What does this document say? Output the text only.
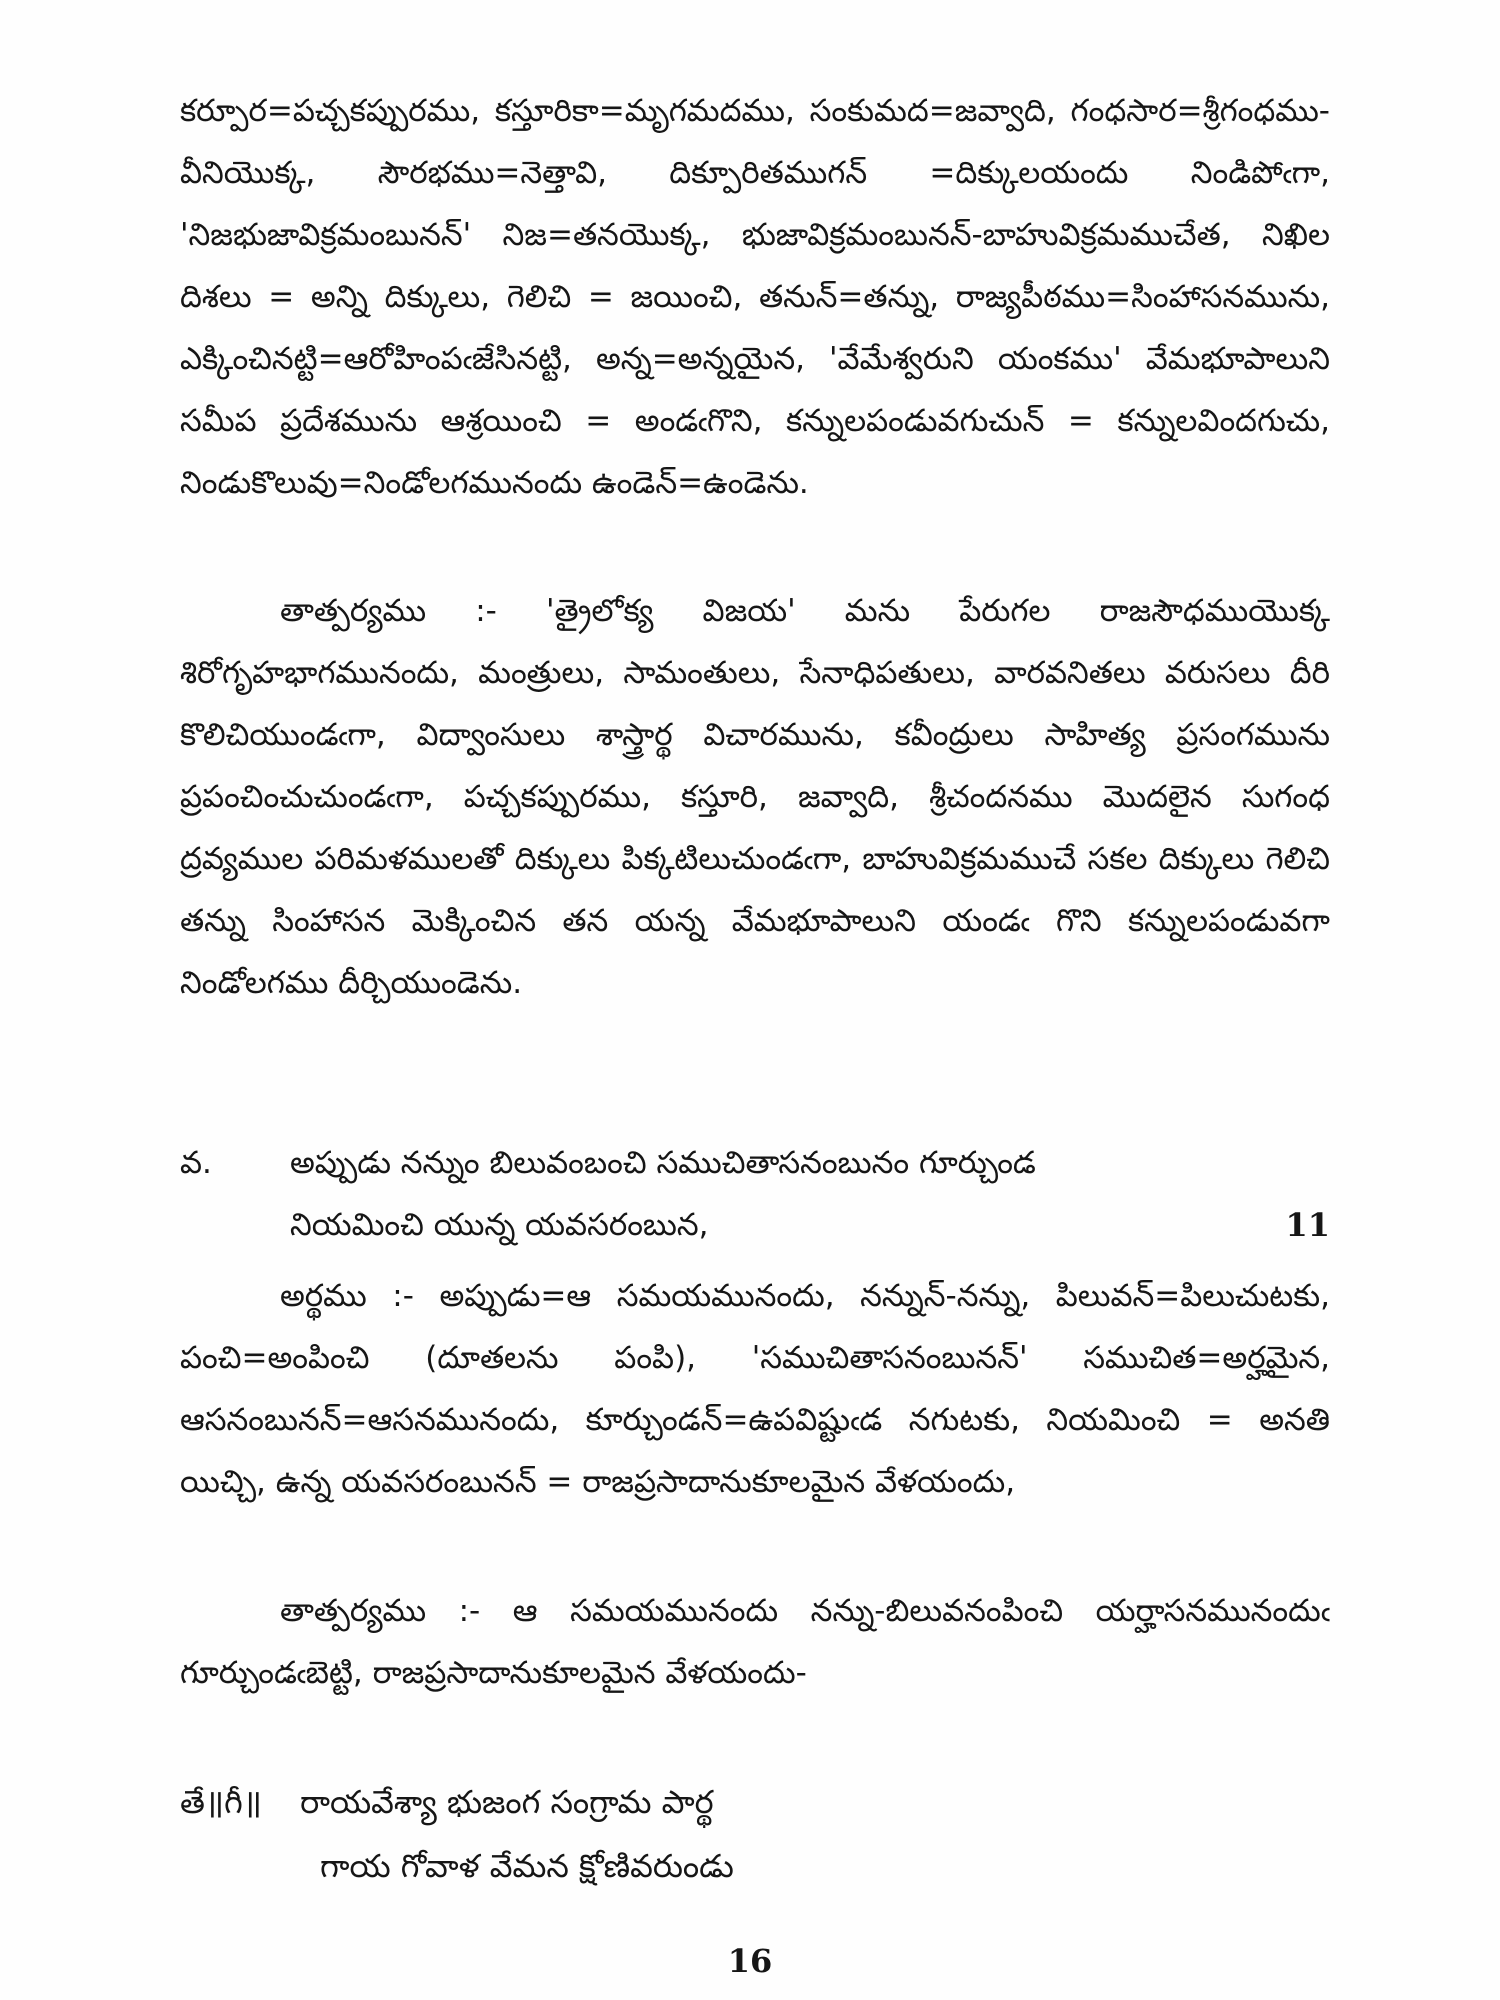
కర్పూర=పచ్చకప్పురము, కస్తూరికా=మృగమదము, సంకుమద=జవ్వాది, గంధసార=శ్రీగంధము-వీనియొక్క, సౌరభము=నెత్తావి, దిక్పూరితముగన్ =దిక్కులయందు నిండిపోఁగా, 'నిజభుజావిక్రమంబునన్' నిజ=తనయొక్క, భుజావిక్రమంబునన్-బాహువిక్రమముచేత, నిఖిల దిశలు = అన్ని దిక్కులు, గెలిచి = జయించి, తనున్=తన్ను, రాజ్యపీఠము=సింహాసనమును, ఎక్కించినట్టి=ఆరోహింపఁజేసినట్టి, అన్న=అన్నయైన, 'వేమేశ్వరుని యంకము' వేమభూపాలుని సమీప ప్రదేశమును ఆశ్రయించి = అండఁగొని, కన్నులపండువగుచున్ = కన్నులవిందగుచు, నిండుకొలువు=నిండోలగమునందు ఉండెన్=ఉండెను.

తాత్పర్యము :- 'త్రైలోక్య విజయ' మను పేరుగల రాజసౌధముయొక్క శిరోగృహభాగమునందు, మంత్రులు, సామంతులు, సేనాధిపతులు, వారవనితలు వరుసలు దీరి కొలిచియుండఁగా, విద్వాంసులు శాస్త్రార్థ విచారమును, కవీంద్రులు సాహిత్య ప్రసంగమును ప్రపంచించుచుండఁగా, పచ్చకప్పురము, కస్తూరి, జవ్వాది, శ్రీచందనము మొదలైన సుగంధ ద్రవ్యముల పరిమళములతో దిక్కులు పిక్కటిలుచుండఁగా, బాహువిక్రమముచే సకల దిక్కులు గెలిచి తన్ను సింహాసన మెక్కించిన తన యన్న వేమభూపాలుని యండఁ గొని కన్నులపండువగా నిండోలగము దీర్చియుండెను.

వ.	అప్పుడు నన్నుం బిలువంబంచి సముచితాసనంబునం గూర్చుండ
నియమించి యున్న యవసరంబున,	11

అర్థము :- అప్పుడు=ఆ సమయమునందు, నన్నున్-నన్ను, పిలువన్=పిలుచుటకు, పంచి=అంపించి (దూతలను పంపి), 'సముచితాసనంబునన్' సముచిత=అర్హమైన, ఆసనంబునన్=ఆసనమునందు, కూర్చుండన్=ఉపవిష్టుఁడ నగుటకు, నియమించి = అనతి యిచ్చి, ఉన్న యవసరంబునన్ = రాజప్రసాదానుకూలమైన వేళయందు,

తాత్పర్యము :- ఆ సమయమునందు నన్ను-బిలువనంపించి యర్హాసనమునందుఁ గూర్చుండఁబెట్టి, రాజప్రసాదానుకూలమైన వేళయందు-

తే॥గీ॥ రాయవేశ్యా భుజంగ సంగ్రామ పార్థ
గాయ గోవాళ వేమన క్షోణివరుండు
16
